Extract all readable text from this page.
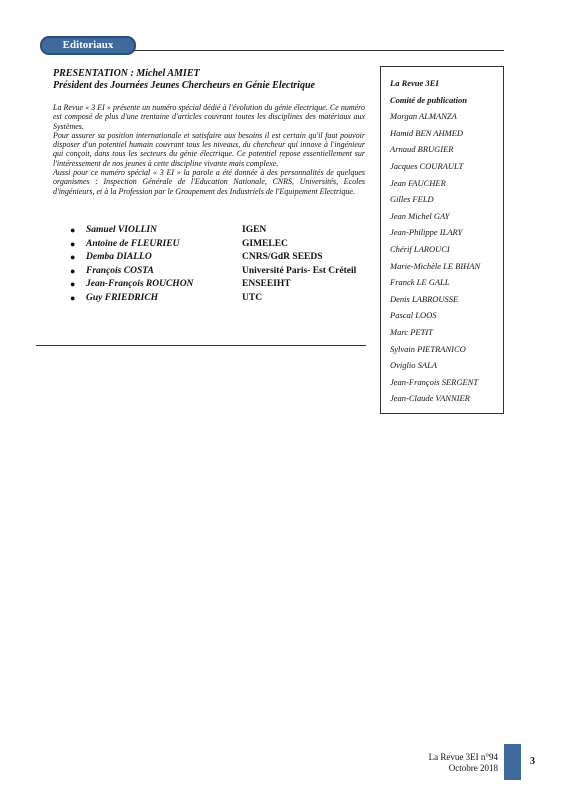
Editoriaux

PRESENTATION : Michel AMIET

Président des Journées Jeunes Chercheurs en Génie Electrique

La Revue « 3 EI » présente un numéro spécial dédié à l'évolution du génie électrique. Ce numéro est composé de plus d'une trentaine d'articles couvrant toutes les disciplines des matériaux aux Systèmes.

Pour assurer sa position internationale et satisfaire aux besoins il est certain qu'il faut pouvoir disposer d'un potentiel humain couvrant tous les niveaux, du chercheur qui innove à l'ingénieur qui conçoit, dans tous les secteurs du génie électrique. Ce potentiel repose essentiellement sur l'intéressement de nos jeunes à cette discipline vivante mais complexe.

Aussi pour ce numéro spécial « 3 EI » la parole a été donnée à des personnalités de quelques organismes : Inspection Générale de l'Education Nationale, CNRS, Universités, Ecoles d'ingénieurs, et à la Profession par le Groupement des Industriels de l'Equipement Electrique.

● Samuel VIOLLIN	IGEN
● Antoine de FLEURIEU	GIMELEC
● Demba DIALLO	CNRS/GdR SEEDS
● François COSTA	Université Paris- Est Créteil
● Jean-François ROUCHON	ENSEEIHT
● Guy FRIEDRICH	UTC
La Revue 3EI
Comité de publication
Morgan ALMANZA
Hamid BEN AHMED
Arnaud BRUGIER
Jacques COURAULT
Jean FAUCHER
Gilles FELD
Jean Michel GAY
Jean-Philippe ILARY
Chérif LAROUCI
Marie-Michèle LE BIHAN
Franck LE GALL
Denis LABROUSSE
Pascal LOOS
Marc PETIT
Sylvain PIETRANICO
Oviglio SALA
Jean-François SERGENT
Jean-Claude VANNIER
La Revue 3EI n°94
Octobre 2018
3
